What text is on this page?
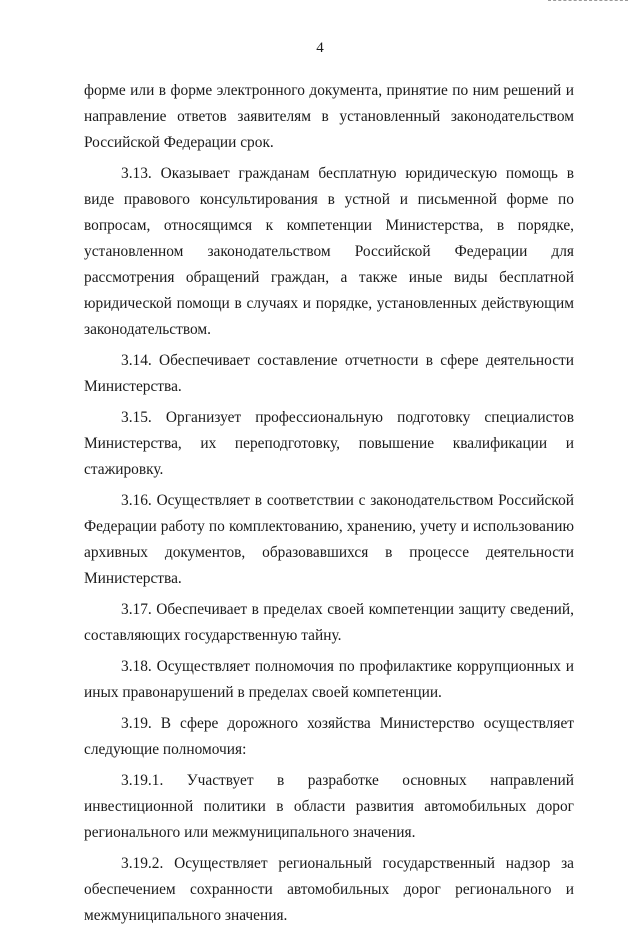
4

форме или в форме электронного документа, принятие по ним решений и направление ответов заявителям в установленный законодательством Российской Федерации срок.

3.13. Оказывает гражданам бесплатную юридическую помощь в виде правового консультирования в устной и письменной форме по вопросам, относящимся к компетенции Министерства, в порядке, установленном законодательством Российской Федерации для рассмотрения обращений граждан, а также иные виды бесплатной юридической помощи в случаях и порядке, установленных действующим законодательством.

3.14. Обеспечивает составление отчетности в сфере деятельности Министерства.

3.15. Организует профессиональную подготовку специалистов Министерства, их переподготовку, повышение квалификации и стажировку.

3.16. Осуществляет в соответствии с законодательством Российской Федерации работу по комплектованию, хранению, учету и использованию архивных документов, образовавшихся в процессе деятельности Министерства.

3.17. Обеспечивает в пределах своей компетенции защиту сведений, составляющих государственную тайну.

3.18. Осуществляет полномочия по профилактике коррупционных и иных правонарушений в пределах своей компетенции.

3.19. В сфере дорожного хозяйства Министерство осуществляет следующие полномочия:

3.19.1. Участвует в разработке основных направлений инвестиционной политики в области развития автомобильных дорог регионального или межмуниципального значения.

3.19.2. Осуществляет региональный государственный надзор за обеспечением сохранности автомобильных дорог регионального и межмуниципального значения.
